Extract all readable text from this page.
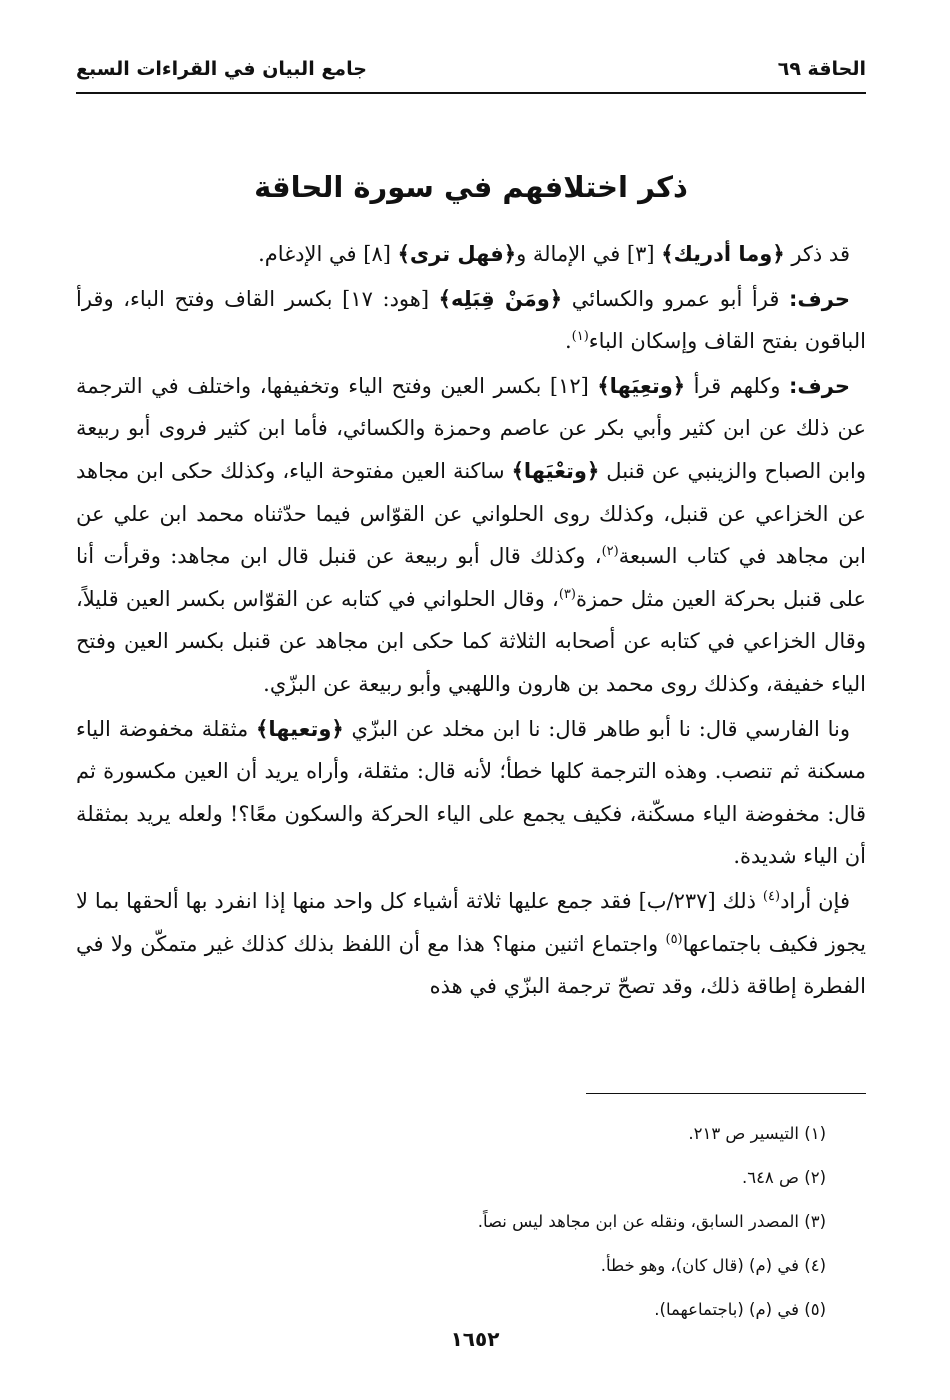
الحاقة ٦٩
جامع البيان في القراءات السبع
ذكر اختلافهم في سورة الحاقة

قد ذكر ﴿وما أدريك﴾ [٣] في الإمالة و﴿فهل ترى﴾ [٨] في الإدغام.

حرف: قرأ أبو عمرو والكسائي ﴿ومَنْ قِبَلِه﴾ [هود: ١٧] بكسر القاف وفتح الباء، وقرأ الباقون بفتح القاف وإسكان الباء$^{(١)}$.

حرف: وكلهم قرأ ﴿وتعِيَها﴾ [١٢] بكسر العين وفتح الياء وتخفيفها، واختلف في الترجمة عن ذلك عن ابن كثير وأبي بكر عن عاصم وحمزة والكسائي، فأما ابن كثير فروى أبو ربيعة وابن الصباح والزينبي عن قنبل ﴿وتعْيَها﴾ ساكنة العين مفتوحة الياء، وكذلك حكى ابن مجاهد عن الخزاعي عن قنبل، وكذلك روى الحلواني عن القوّاس فيما حدّثناه محمد ابن علي عن ابن مجاهد في كتاب السبعة$^{(٢)}$، وكذلك قال أبو ربيعة عن قنبل قال ابن مجاهد: وقرأت أنا على قنبل بحركة العين مثل حمزة$^{(٣)}$، وقال الحلواني في كتابه عن القوّاس بكسر العين قليلاً، وقال الخزاعي في كتابه عن أصحابه الثلاثة كما حكى ابن مجاهد عن قنبل بكسر العين وفتح الياء خفيفة، وكذلك روى محمد بن هارون واللهبي وأبو ربيعة عن البزّي.

ونا الفارسي قال: نا أبو طاهر قال: نا ابن مخلد عن البزّي ﴿وتعيها﴾ مثقلة مخفوضة الياء مسكنة ثم تنصب. وهذه الترجمة كلها خطأ؛ لأنه قال: مثقلة، وأراه يريد أن العين مكسورة ثم قال: مخفوضة الياء مسكّنة، فكيف يجمع على الياء الحركة والسكون معًا؟! ولعله يريد بمثقلة أن الياء شديدة.

فإن أراد$^{(٤)}$ ذلك [٢٣٧/ب] فقد جمع عليها ثلاثة أشياء كل واحد منها إذا انفرد بها ألحقها بما لا يجوز فكيف باجتماعها$^{(٥)}$ واجتماع اثنين منها؟ هذا مع أن اللفظ بذلك كذلك غير متمكّن ولا في الفطرة إطاقة ذلك، وقد تصحّ ترجمة البزّي في هذه

(١) التيسير ص ٢١٣.
(٢) ص ٦٤٨.
(٣) المصدر السابق، ونقله عن ابن مجاهد ليس نصاً.
(٤) في (م) (قال كان)، وهو خطأ.
(٥) في (م) (باجتماعهما).
١٦٥٢
